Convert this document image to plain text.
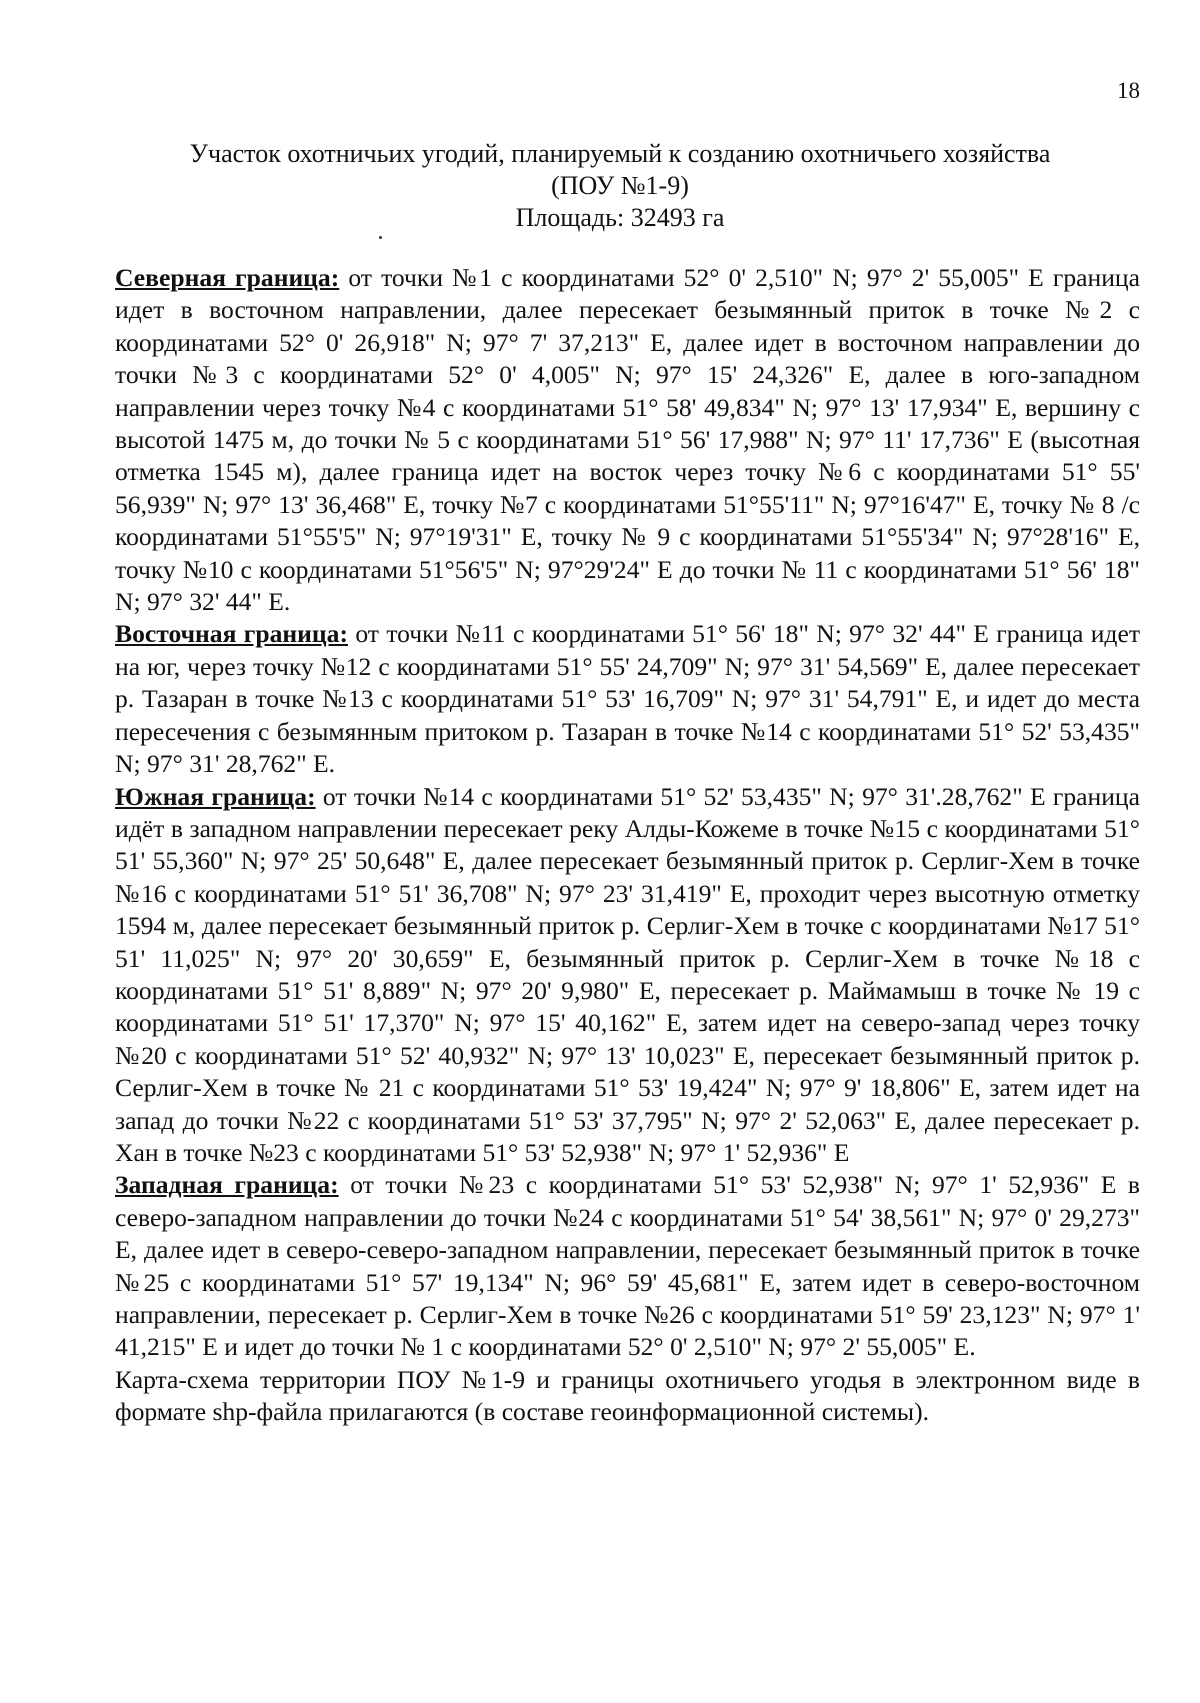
18
Участок охотничьих угодий, планируемый к созданию охотничьего хозяйства
(ПОУ №1-9)
Площадь: 32493 га

Северная граница: от точки №1 с координатами 52° 0' 2,510" N; 97° 2' 55,005" E граница идет в восточном направлении, далее пересекает безымянный приток в точке №2 с координатами 52° 0' 26,918" N; 97° 7' 37,213" E, далее идет в восточном направлении до точки №3 с координатами 52° 0' 4,005" N; 97° 15' 24,326" E, далее в юго-западном направлении через точку №4 с координатами 51° 58' 49,834" N; 97° 13' 17,934" E, вершину с высотой 1475 м, до точки № 5 с координатами 51° 56' 17,988" N; 97° 11' 17,736" E (высотная отметка 1545 м), далее граница идет на восток через точку №6 с координатами 51° 55' 56,939" N; 97° 13' 36,468" E, точку №7 с координатами 51°55'11" N; 97°16'47" E, точку № 8 /с координатами 51°55'5" N; 97°19'31" E, точку № 9 с координатами 51°55'34" N; 97°28'16" E, точку №10 с координатами 51°56'5" N; 97°29'24" E до точки № 11 с координатами 51° 56' 18" N; 97° 32' 44" E.

Восточная граница: от точки №11 с координатами 51° 56' 18" N; 97° 32' 44" E граница идет на юг, через точку №12 с координатами 51° 55' 24,709" N; 97° 31' 54,569" E, далее пересекает р. Тазаран в точке №13 с координатами 51° 53' 16,709" N; 97° 31' 54,791" E, и идет до места пересечения с безымянным притоком р. Тазаран в точке №14 с координатами 51° 52' 53,435" N; 97° 31' 28,762" E.

Южная граница: от точки №14 с координатами 51° 52' 53,435" N; 97° 31'.28,762" E граница идёт в западном направлении пересекает реку Алды-Кожеме в точке №15 с координатами 51° 51' 55,360" N; 97° 25' 50,648" E, далее пересекает безымянный приток р. Серлиг-Хем в точке №16 с координатами 51° 51' 36,708" N; 97° 23' 31,419" E, проходит через высотную отметку 1594 м, далее пересекает безымянный приток р. Серлиг-Хем в точке с координатами №17 51° 51' 11,025" N; 97° 20' 30,659" E, безымянный приток р. Серлиг-Хем в точке №18 с координатами 51° 51' 8,889" N; 97° 20' 9,980" E, пересекает р. Маймамыш в точке № 19 с координатами 51° 51' 17,370" N; 97° 15' 40,162" E, затем идет на северо-запад через точку №20 с координатами 51° 52' 40,932" N; 97° 13' 10,023" E, пересекает безымянный приток р. Серлиг-Хем в точке № 21 с координатами 51° 53' 19,424" N; 97° 9' 18,806" E, затем идет на запад до точки №22 с координатами 51° 53' 37,795" N; 97° 2' 52,063" E, далее пересекает р. Хан в точке №23 с координатами 51° 53' 52,938" N; 97° 1' 52,936" E

Западная граница: от точки №23 с координатами 51° 53' 52,938" N; 97° 1' 52,936" E в северо-западном направлении до точки №24 с координатами 51° 54' 38,561" N; 97° 0' 29,273" E, далее идет в северо-северо-западном направлении, пересекает безымянный приток в точке №25 с координатами 51° 57' 19,134" N; 96° 59' 45,681" E, затем идет в северо-восточном направлении, пересекает р. Серлиг-Хем в точке №26 с координатами 51° 59' 23,123" N; 97° 1' 41,215" E и идет до точки № 1 с координатами 52° 0' 2,510" N; 97° 2' 55,005" E.

Карта-схема территории ПОУ №1-9 и границы охотничьего угодья в электронном виде в формате shp-файла прилагаются (в составе геоинформационной системы).
